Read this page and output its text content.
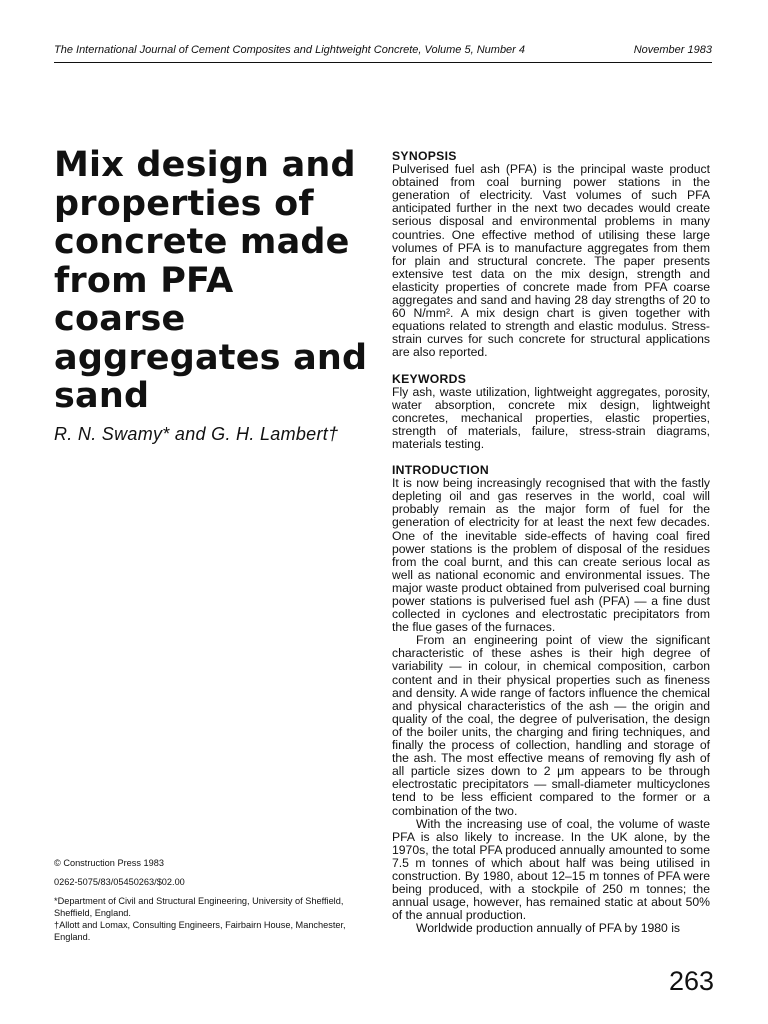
The International Journal of Cement Composites and Lightweight Concrete, Volume 5, Number 4	November 1983
Mix design and properties of concrete made from PFA coarse aggregates and sand
R. N. Swamy* and G. H. Lambert†

© Construction Press 1983

0262-5075/83/05450263/$02.00

*Department of Civil and Structural Engineering, University of Sheffield, Sheffield, England.

†Allott and Lomax, Consulting Engineers, Fairbairn House, Manchester, England.

SYNOPSIS

Pulverised fuel ash (PFA) is the principal waste product obtained from coal burning power stations in the generation of electricity. Vast volumes of such PFA anticipated further in the next two decades would create serious disposal and environmental problems in many countries. One effective method of utilising these large volumes of PFA is to manufacture aggregates from them for plain and structural concrete. The paper presents extensive test data on the mix design, strength and elasticity properties of concrete made from PFA coarse aggregates and sand and having 28 day strengths of 20 to 60 N/mm². A mix design chart is given together with equations related to strength and elastic modulus. Stress-strain curves for such concrete for structural applications are also reported.

KEYWORDS

Fly ash, waste utilization, lightweight aggregates, porosity, water absorption, concrete mix design, lightweight concretes, mechanical properties, elastic properties, strength of materials, failure, stress-strain diagrams, materials testing.

INTRODUCTION

It is now being increasingly recognised that with the fastly depleting oil and gas reserves in the world, coal will probably remain as the major form of fuel for the generation of electricity for at least the next few decades. One of the inevitable side-effects of having coal fired power stations is the problem of disposal of the residues from the coal burnt, and this can create serious local as well as national economic and environmental issues. The major waste product obtained from pulverised coal burning power stations is pulverised fuel ash (PFA) — a fine dust collected in cyclones and electrostatic precipitators from the flue gases of the furnaces.

From an engineering point of view the significant characteristic of these ashes is their high degree of variability — in colour, in chemical composition, carbon content and in their physical properties such as fineness and density. A wide range of factors influence the chemical and physical characteristics of the ash — the origin and quality of the coal, the degree of pulverisation, the design of the boiler units, the charging and firing techniques, and finally the process of collection, handling and storage of the ash. The most effective means of removing fly ash of all particle sizes down to 2 μm appears to be through electrostatic precipitators — small-diameter multicyclones tend to be less efficient compared to the former or a combination of the two.

With the increasing use of coal, the volume of waste PFA is also likely to increase. In the UK alone, by the 1970s, the total PFA produced annually amounted to some 7.5 m tonnes of which about half was being utilised in construction. By 1980, about 12–15 m tonnes of PFA were being produced, with a stockpile of 250 m tonnes; the annual usage, however, has remained static at about 50% of the annual production.

Worldwide production annually of PFA by 1980 is

263
